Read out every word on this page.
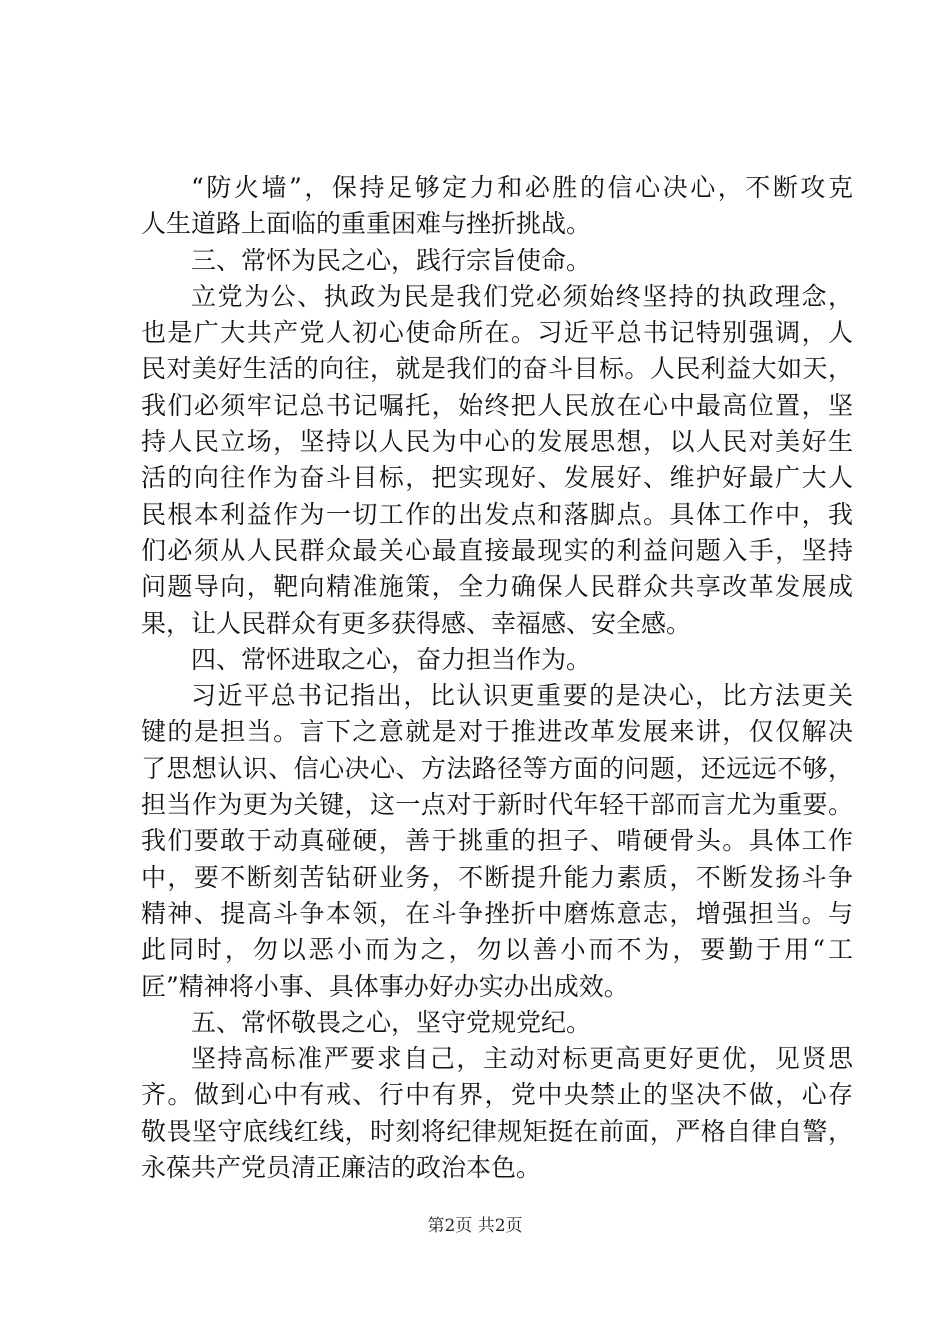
“防火墙”，保持足够定力和必胜的信心决心，不断攻克
人生道路上面临的重重困难与挫折挑战。
三、常怀为民之心，践行宗旨使命。
立党为公、执政为民是我们党必须始终坚持的执政理念，
也是广大共产党人初心使命所在。习近平总书记特别强调，人
民对美好生活的向往，就是我们的奋斗目标。人民利益大如天，
我们必须牢记总书记嘱托，始终把人民放在心中最高位置，坚
持人民立场，坚持以人民为中心的发展思想，以人民对美好生
活的向往作为奋斗目标，把实现好、发展好、维护好最广大人
民根本利益作为一切工作的出发点和落脚点。具体工作中，我
们必须从人民群众最关心最直接最现实的利益问题入手，坚持
问题导向，靶向精准施策，全力确保人民群众共享改革发展成
果，让人民群众有更多获得感、幸福感、安全感。
四、常怀进取之心，奋力担当作为。
习近平总书记指出，比认识更重要的是决心，比方法更关
键的是担当。言下之意就是对于推进改革发展来讲，仅仅解决
了思想认识、信心决心、方法路径等方面的问题，还远远不够，
担当作为更为关键，这一点对于新时代年轻干部而言尤为重要。
我们要敢于动真碰硬，善于挑重的担子、啃硬骨头。具体工作
中，要不断刻苦钻研业务，不断提升能力素质，不断发扬斗争
精神、提高斗争本领，在斗争挫折中磨炼意志，增强担当。与
此同时，勿以恶小而为之，勿以善小而不为，要勤于用“工
匠”精神将小事、具体事办好办实办出成效。
五、常怀敬畏之心，坚守党规党纪。
坚持高标准严要求自己，主动对标更高更好更优，见贤思
齐。做到心中有戒、行中有界，党中央禁止的坚决不做，心存
敬畏坚守底线红线，时刻将纪律规矩挺在前面，严格自律自警，
永葆共产党员清正廉洁的政治本色。
第2页 共2页
